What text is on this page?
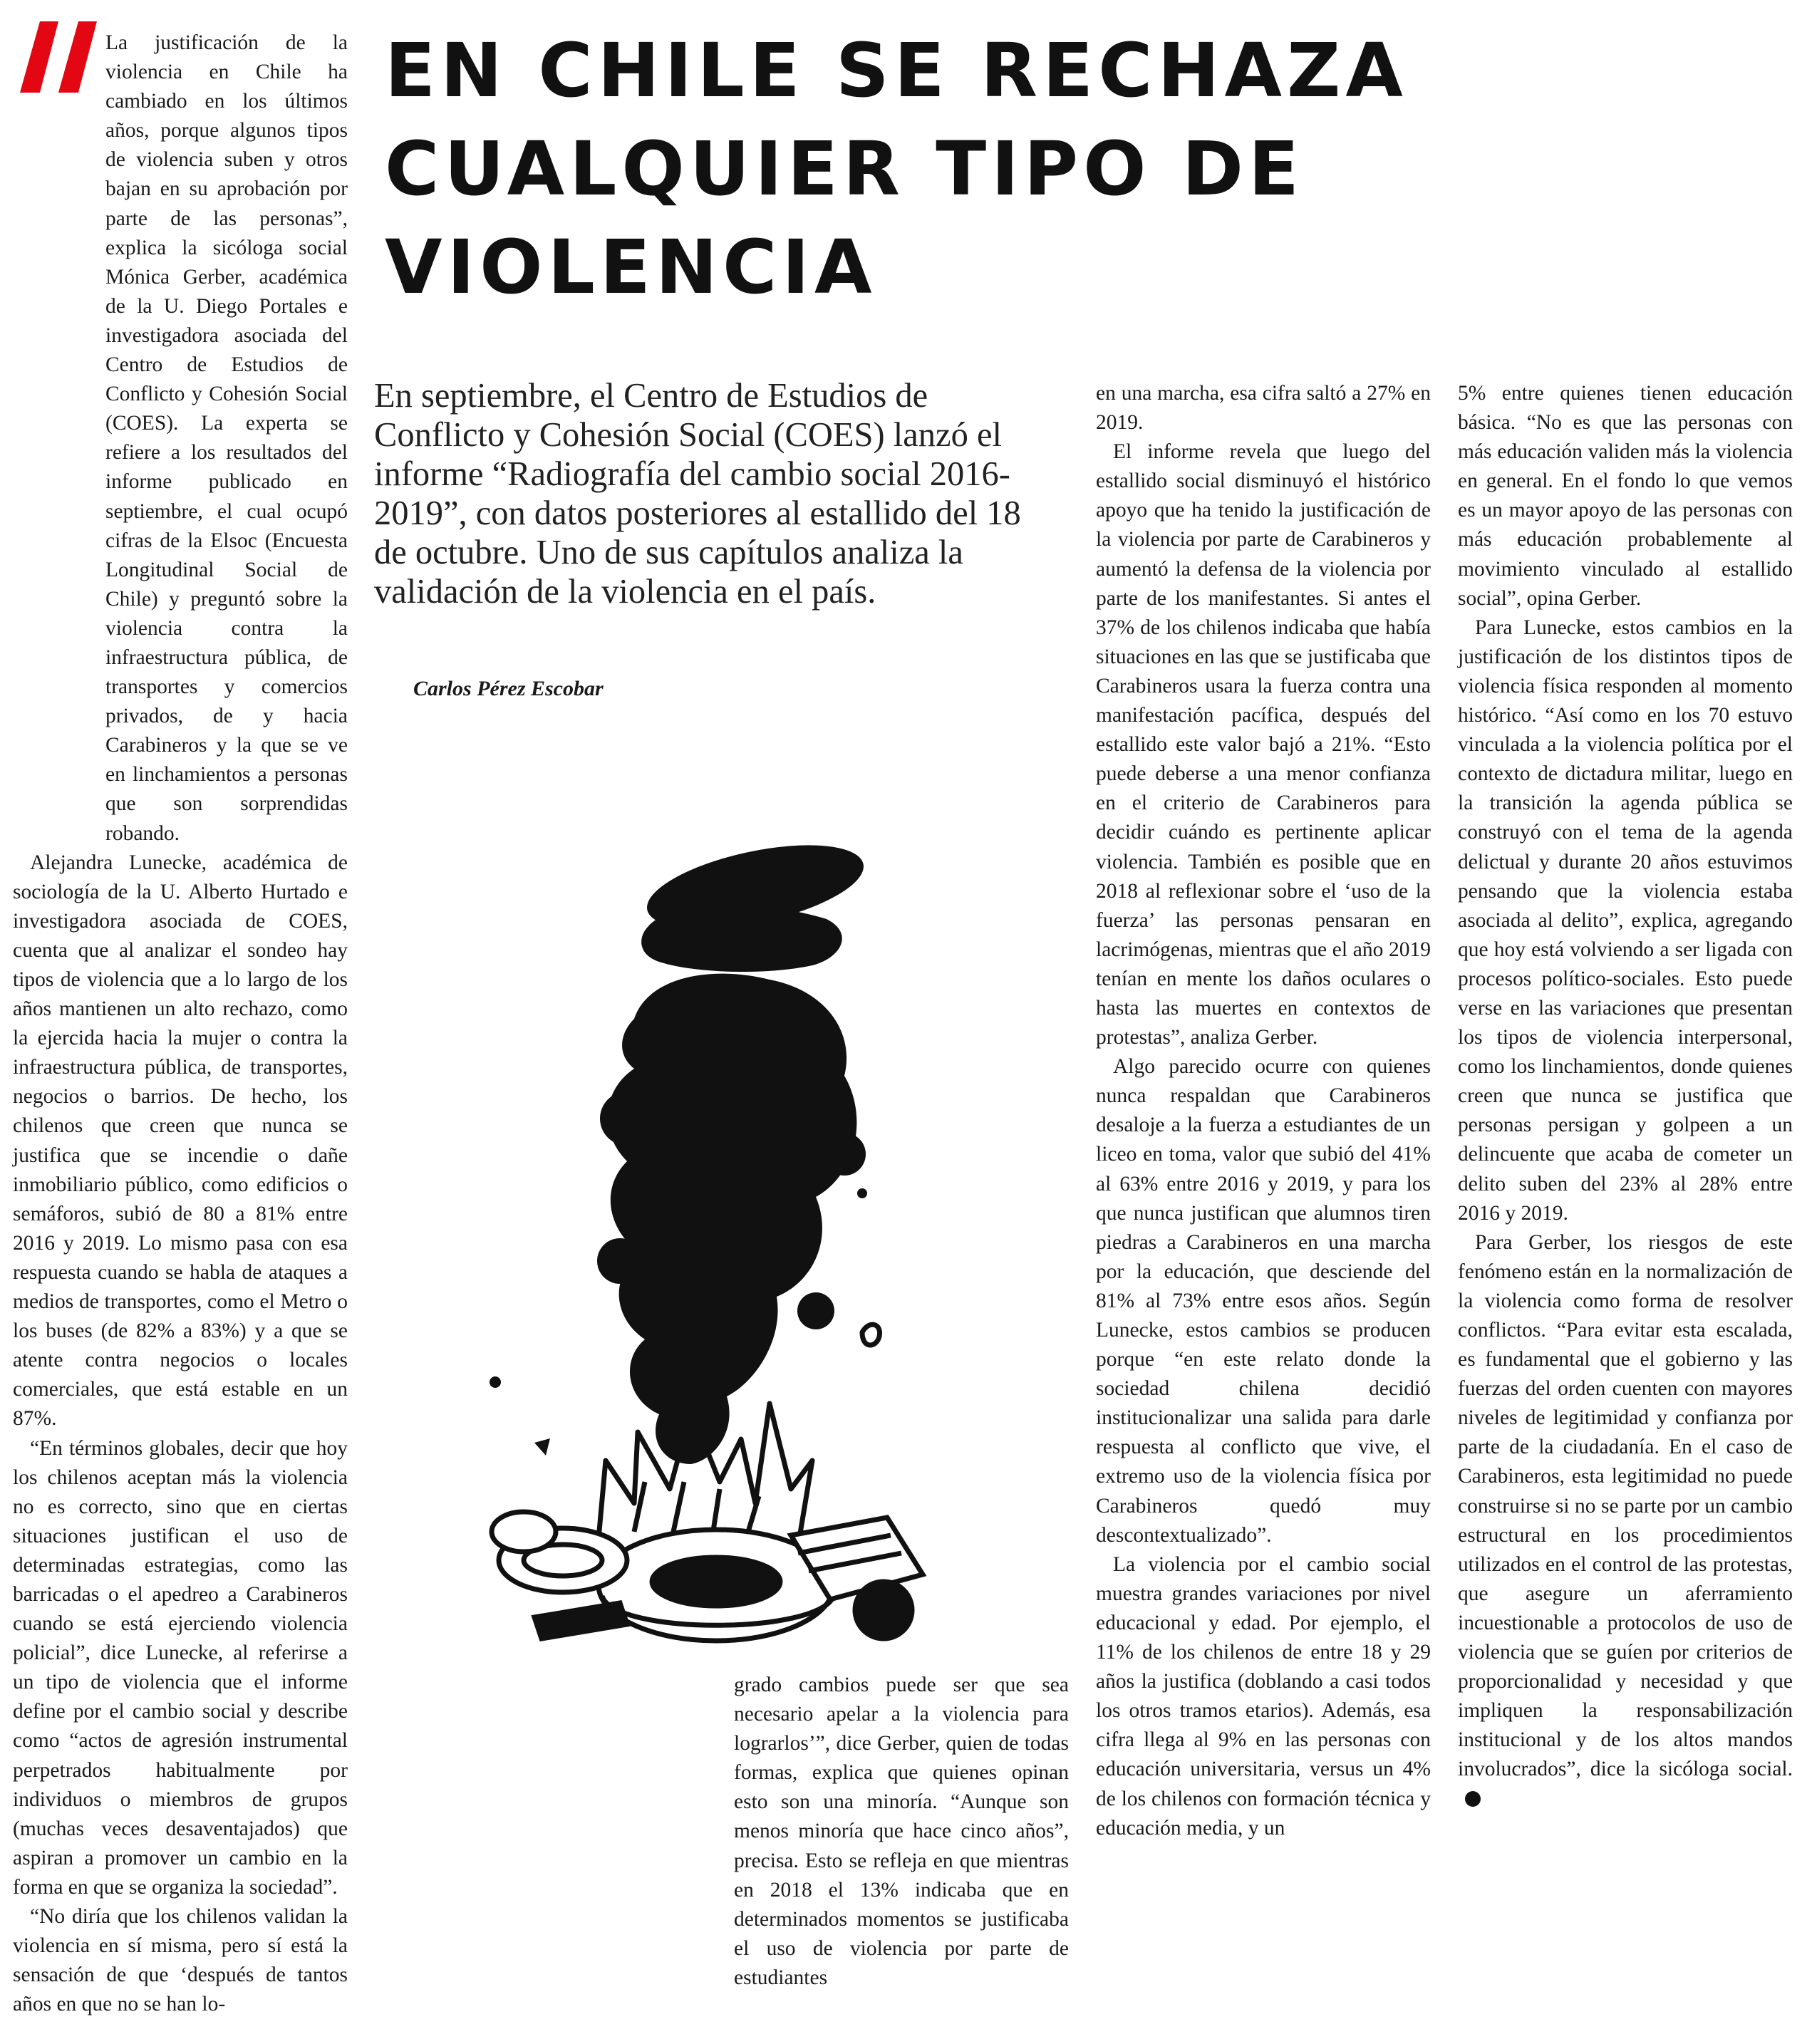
EN CHILE SE RECHAZA CUALQUIER TIPO DE VIOLENCIA

En septiembre, el Centro de Estudios de Conflicto y Cohesión Social (COES) lanzó el informe “Radiografía del cambio social 2016-2019”, con datos posteriores al estallido del 18 de octubre. Uno de sus capítulos analiza la validación de la violencia en el país.

Carlos Pérez Escobar

La justificación de la violencia en Chile ha cambiado en los últimos años, porque algunos tipos de violencia suben y otros bajan en su aprobación por parte de las personas”, explica la sicóloga social Mónica Gerber, académica de la U. Diego Portales e investigadora asociada del Centro de Estudios de Conflicto y Cohesión Social (COES). La experta se refiere a los resultados del informe publicado en septiembre, el cual ocupó cifras de la Elsoc (Encuesta Longitudinal Social de Chile) y preguntó sobre la violencia contra la infraestructura pública, de transportes y comercios privados, de y hacia Carabineros y la que se ve en linchamientos a personas que son sorprendidas robando.

Alejandra Lunecke, académica de sociología de la U. Alberto Hurtado e investigadora asociada de COES, cuenta que al analizar el sondeo hay tipos de violencia que a lo largo de los años mantienen un alto rechazo, como la ejercida hacia la mujer o contra la infraestructura pública, de transportes, negocios o barrios. De hecho, los chilenos que creen que nunca se justifica que se incendie o dañe inmobiliario público, como edificios o semáforos, subió de 80 a 81% entre 2016 y 2019. Lo mismo pasa con esa respuesta cuando se habla de ataques a medios de transportes, como el Metro o los buses (de 82% a 83%) y a que se atente contra negocios o locales comerciales, que está estable en un 87%.

“En términos globales, decir que hoy los chilenos aceptan más la violencia no es correcto, sino que en ciertas situaciones justifican el uso de determinadas estrategias, como las barricadas o el apedreo a Carabineros cuando se está ejerciendo violencia policial”, dice Lunecke, al referirse a un tipo de violencia que el informe define por el cambio social y describe como “actos de agresión instrumental perpetrados habitualmente por individuos o miembros de grupos (muchas veces desaventajados) que aspiran a promover un cambio en la forma en que se organiza la sociedad”.

“No diría que los chilenos validan la violencia en sí misma, pero sí está la sensación de que ‘después de tantos años en que no se han lo-

grado cambios puede ser que sea necesario apelar a la violencia para lograrlos’”, dice Gerber, quien de todas formas, explica que quienes opinan esto son una minoría. “Aunque son menos minoría que hace cinco años”, precisa. Esto se refleja en que mientras en 2018 el 13% indicaba que en determinados momentos se justificaba el uso de violencia por parte de estudiantes

en una marcha, esa cifra saltó a 27% en 2019.

El informe revela que luego del estallido social disminuyó el histórico apoyo que ha tenido la justificación de la violencia por parte de Carabineros y aumentó la defensa de la violencia por parte de los manifestantes. Si antes el 37% de los chilenos indicaba que había situaciones en las que se justificaba que Carabineros usara la fuerza contra una manifestación pacífica, después del estallido este valor bajó a 21%. “Esto puede deberse a una menor confianza en el criterio de Carabineros para decidir cuándo es pertinente aplicar violencia. También es posible que en 2018 al reflexionar sobre el ‘uso de la fuerza’ las personas pensaran en lacrimógenas, mientras que el año 2019 tenían en mente los daños oculares o hasta las muertes en contextos de protestas”, analiza Gerber.

Algo parecido ocurre con quienes nunca respaldan que Carabineros desaloje a la fuerza a estudiantes de un liceo en toma, valor que subió del 41% al 63% entre 2016 y 2019, y para los que nunca justifican que alumnos tiren piedras a Carabineros en una marcha por la educación, que desciende del 81% al 73% entre esos años. Según Lunecke, estos cambios se producen porque “en este relato donde la sociedad chilena decidió institucionalizar una salida para darle respuesta al conflicto que vive, el extremo uso de la violencia física por Carabineros quedó muy descontextualizado”.

La violencia por el cambio social muestra grandes variaciones por nivel educacional y edad. Por ejemplo, el 11% de los chilenos de entre 18 y 29 años la justifica (doblando a casi todos los otros tramos etarios). Además, esa cifra llega al 9% en las personas con educación universitaria, versus un 4% de los chilenos con formación técnica y educación media, y un

5% entre quienes tienen educación básica. “No es que las personas con más educación validen más la violencia en general. En el fondo lo que vemos es un mayor apoyo de las personas con más educación probablemente al movimiento vinculado al estallido social”, opina Gerber.

Para Lunecke, estos cambios en la justificación de los distintos tipos de violencia física responden al momento histórico. “Así como en los 70 estuvo vinculada a la violencia política por el contexto de dictadura militar, luego en la transición la agenda pública se construyó con el tema de la agenda delictual y durante 20 años estuvimos pensando que la violencia estaba asociada al delito”, explica, agregando que hoy está volviendo a ser ligada con procesos político-sociales. Esto puede verse en las variaciones que presentan los tipos de violencia interpersonal, como los linchamientos, donde quienes creen que nunca se justifica que personas persigan y golpeen a un delincuente que acaba de cometer un delito suben del 23% al 28% entre 2016 y 2019.

Para Gerber, los riesgos de este fenómeno están en la normalización de la violencia como forma de resolver conflictos. “Para evitar esta escalada, es fundamental que el gobierno y las fuerzas del orden cuenten con mayores niveles de legitimidad y confianza por parte de la ciudadanía. En el caso de Carabineros, esta legitimidad no puede construirse si no se parte por un cambio estructural en los procedimientos utilizados en el control de las protestas, que asegure un aferramiento incuestionable a protocolos de uso de violencia que se guíen por criterios de proporcionalidad y necesidad y que impliquen la responsabilización institucional y de los altos mandos involucrados”, dice la sicóloga social.
